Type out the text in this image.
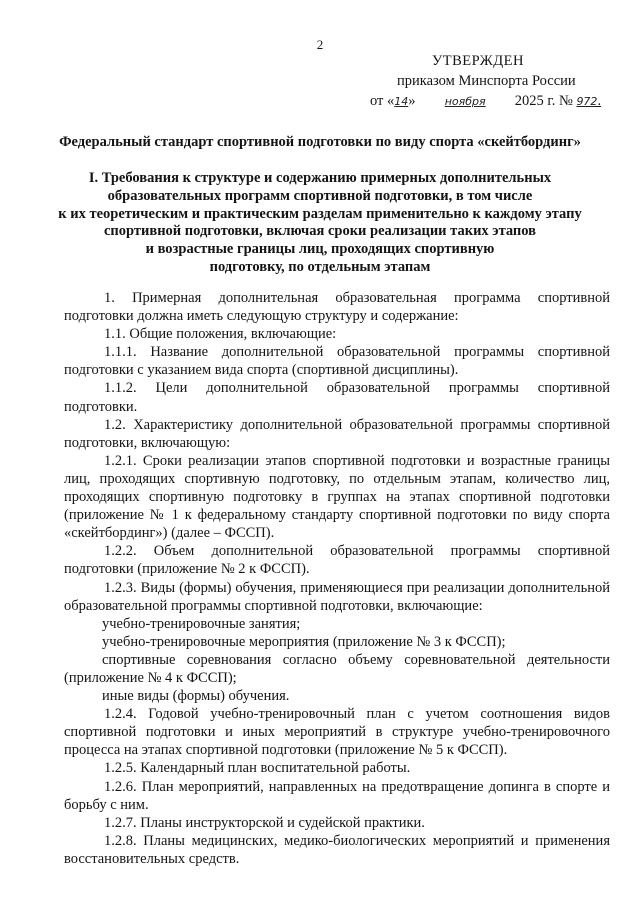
2
УТВЕРЖДЕН
приказом Минспорта России
от «14»	ноября 2025 г. № 972.
Федеральный стандарт спортивной подготовки по виду спорта «скейтбординг»
I. Требования к структуре и содержанию примерных дополнительных
образовательных программ спортивной подготовки, в том числе
к их теоретическим и практическим разделам применительно к каждому этапу
спортивной подготовки, включая сроки реализации таких этапов
и возрастные границы лиц, проходящих спортивную
подготовку, по отдельным этапам

1. Примерная дополнительная образовательная программа спортивной подготовки должна иметь следующую структуру и содержание:

1.1. Общие положения, включающие:

1.1.1. Название дополнительной образовательной программы спортивной подготовки с указанием вида спорта (спортивной дисциплины).

1.1.2. Цели дополнительной образовательной программы спортивной подготовки.

1.2. Характеристику дополнительной образовательной программы спортивной подготовки, включающую:

1.2.1. Сроки реализации этапов спортивной подготовки и возрастные границы лиц, проходящих спортивную подготовку, по отдельным этапам, количество лиц, проходящих спортивную подготовку в группах на этапах спортивной подготовки (приложение № 1 к федеральному стандарту спортивной подготовки по виду спорта «скейтбординг») (далее – ФССП).

1.2.2. Объем дополнительной образовательной программы спортивной подготовки (приложение № 2 к ФССП).

1.2.3. Виды (формы) обучения, применяющиеся при реализации дополнительной образовательной программы спортивной подготовки, включающие:

учебно-тренировочные занятия;

учебно-тренировочные мероприятия (приложение № 3 к ФССП);

спортивные соревнования согласно объему соревновательной деятельности (приложение № 4 к ФССП);

иные виды (формы) обучения.

1.2.4. Годовой учебно-тренировочный план с учетом соотношения видов спортивной подготовки и иных мероприятий в структуре учебно-тренировочного процесса на этапах спортивной подготовки (приложение № 5 к ФССП).

1.2.5. Календарный план воспитательной работы.

1.2.6. План мероприятий, направленных на предотвращение допинга в спорте и борьбу с ним.

1.2.7. Планы инструкторской и судейской практики.

1.2.8. Планы медицинских, медико-биологических мероприятий и применения восстановительных средств.
